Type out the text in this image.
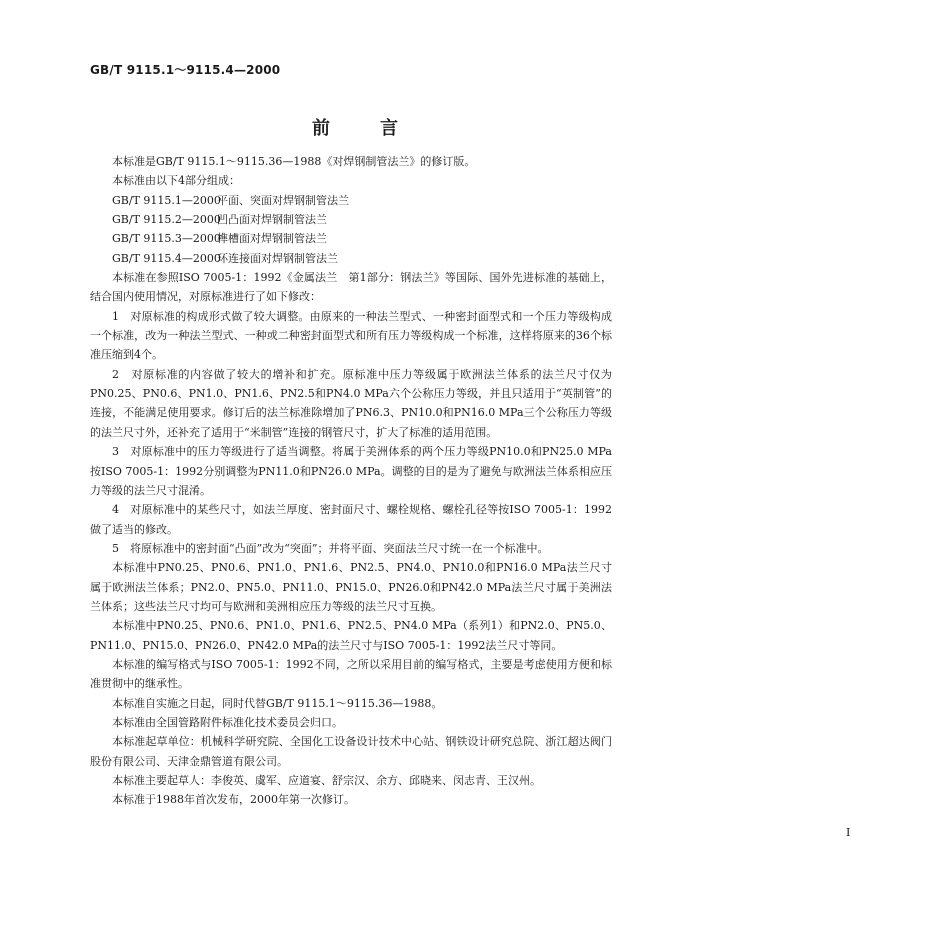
GB/T 9115.1～9115.4—2000
前言

本标准是GB/T 9115.1～9115.36—1988《对焊钢制管法兰》的修订版。

本标准由以下4部分组成：

GB/T 9115.1—2000平面、突面对焊钢制管法兰

GB/T 9115.2—2000凹凸面对焊钢制管法兰

GB/T 9115.3—2000榫槽面对焊钢制管法兰

GB/T 9115.4—2000环连接面对焊钢制管法兰

本标准在参照ISO 7005-1：1992《金属法兰　第1部分：钢法兰》等国际、国外先进标准的基础上，结合国内使用情况，对原标准进行了如下修改：

1　对原标准的构成形式做了较大调整。由原来的一种法兰型式、一种密封面型式和一个压力等级构成一个标准，改为一种法兰型式、一种或二种密封面型式和所有压力等级构成一个标准，这样将原来的36个标准压缩到4个。

2　对原标准的内容做了较大的增补和扩充。原标准中压力等级属于欧洲法兰体系的法兰尺寸仅为PN0.25、PN0.6、PN1.0、PN1.6、PN2.5和PN4.0 MPa六个公称压力等级，并且只适用于“英制管”的连接，不能满足使用要求。修订后的法兰标准除增加了PN6.3、PN10.0和PN16.0 MPa三个公称压力等级的法兰尺寸外，还补充了适用于“米制管”连接的钢管尺寸，扩大了标准的适用范围。

3　对原标准中的压力等级进行了适当调整。将属于美洲体系的两个压力等级PN10.0和PN25.0 MPa按ISO 7005-1：1992分别调整为PN11.0和PN26.0 MPa。调整的目的是为了避免与欧洲法兰体系相应压力等级的法兰尺寸混淆。

4　对原标准中的某些尺寸，如法兰厚度、密封面尺寸、螺栓规格、螺栓孔径等按ISO 7005-1：1992做了适当的修改。

5　将原标准中的密封面“凸面”改为“突面”；并将平面、突面法兰尺寸统一在一个标准中。

本标准中PN0.25、PN0.6、PN1.0、PN1.6、PN2.5、PN4.0、PN10.0和PN16.0 MPa法兰尺寸属于欧洲法兰体系；PN2.0、PN5.0、PN11.0、PN15.0、PN26.0和PN42.0 MPa法兰尺寸属于美洲法兰体系；这些法兰尺寸均可与欧洲和美洲相应压力等级的法兰尺寸互换。

本标准中PN0.25、PN0.6、PN1.0、PN1.6、PN2.5、PN4.0 MPa（系列1）和PN2.0、PN5.0、PN11.0、PN15.0、PN26.0、PN42.0 MPa的法兰尺寸与ISO 7005-1：1992法兰尺寸等同。

本标准的编写格式与ISO 7005-1：1992不同，之所以采用目前的编写格式，主要是考虑使用方便和标准贯彻中的继承性。

本标准自实施之日起，同时代替GB/T 9115.1～9115.36—1988。

本标准由全国管路附件标准化技术委员会归口。

本标准起草单位：机械科学研究院、全国化工设备设计技术中心站、钢铁设计研究总院、浙江超达阀门股份有限公司、天津金鼎管道有限公司。

本标准主要起草人：李俊英、虞军、应道宴、舒宗汉、余方、邱晓来、闵志青、王汉州。

本标准于1988年首次发布，2000年第一次修订。

I
